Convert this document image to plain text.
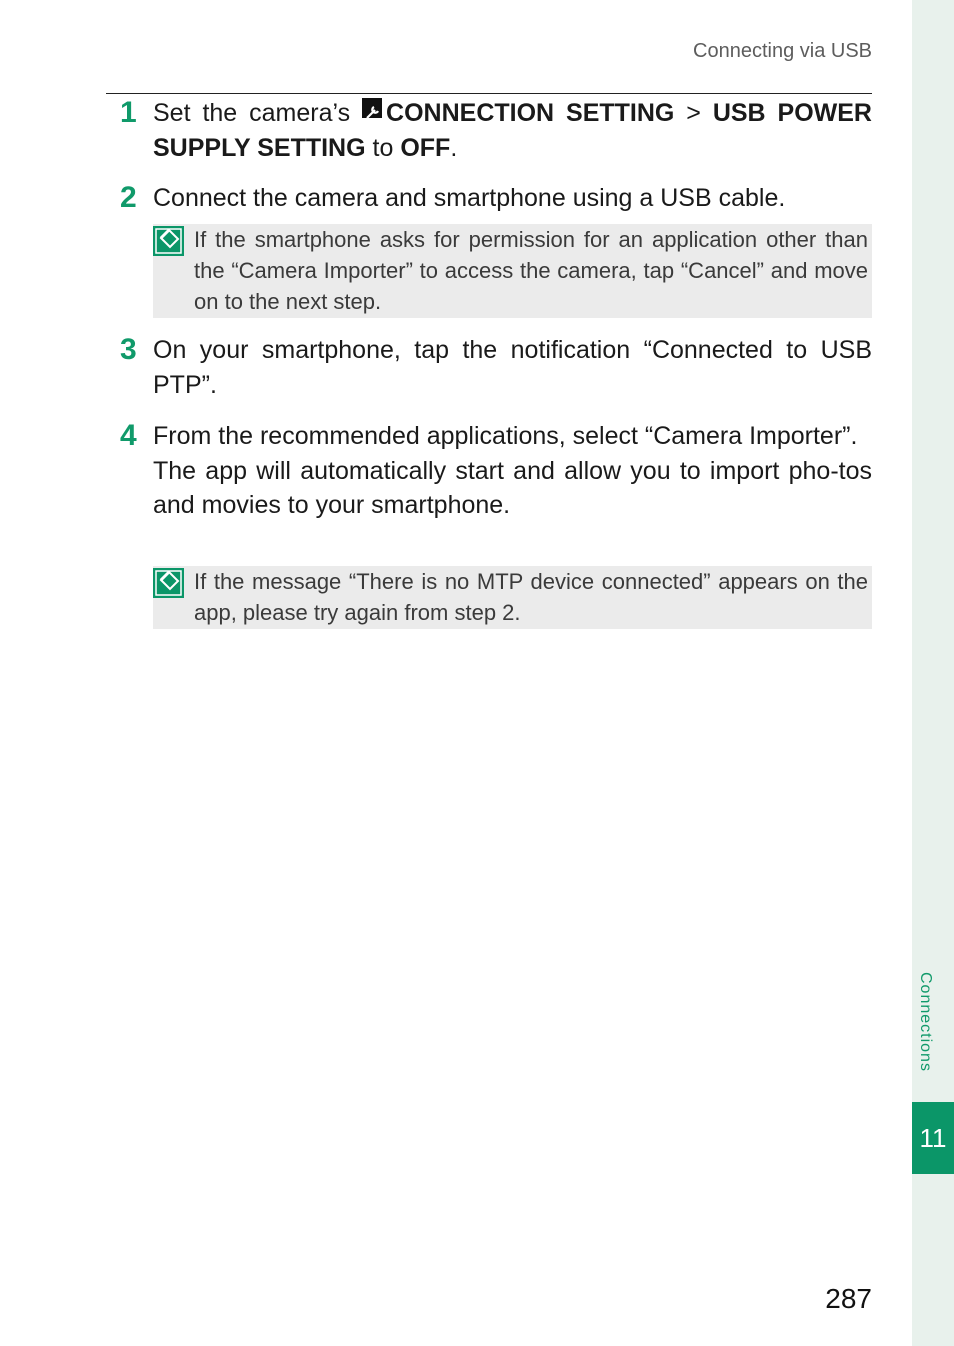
Connections
11
Connecting via USB
1 Set the camera’s CONNECTION SETTING > USB POWER SUPPLY SETTING to OFF.
2 Connect the camera and smartphone using a USB cable.
If the smartphone asks for permission for an application other than the “Camera Importer” to access the camera, tap “Cancel” and move on to the next step.
3 On your smartphone, tap the notification “Connected to USB PTP”.
4 From the recommended applications, select “Camera Importer”.
The app will automatically start and allow you to import pho-tos and movies to your smartphone.
If the message “There is no MTP device connected” appears on the app, please try again from step 2.
287
